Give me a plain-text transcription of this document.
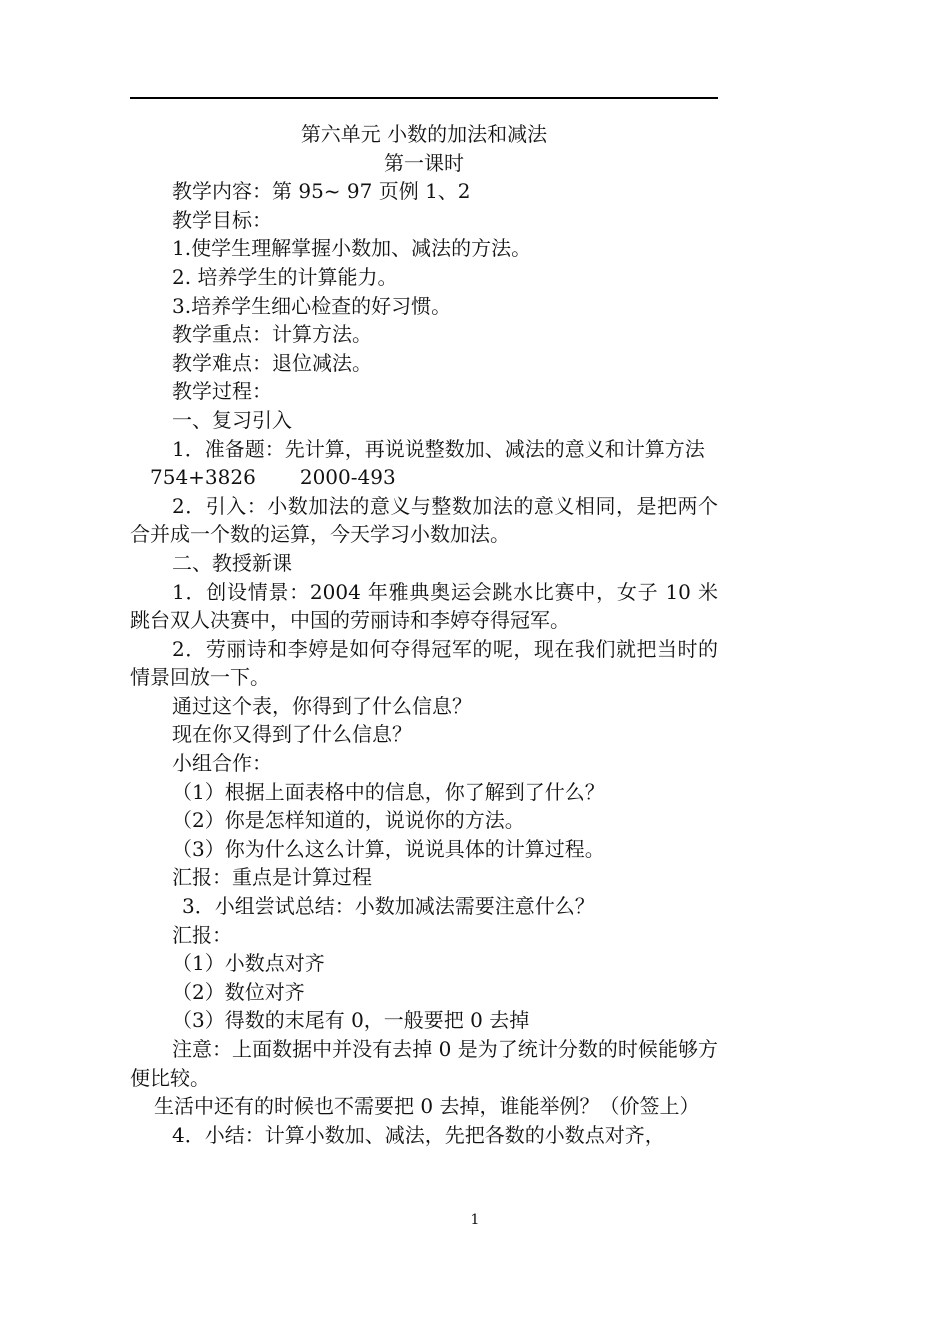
第六单元 小数的加法和减法

第一课时

教学内容：第 95~ 97 页例 1、2

教学目标：

1.使学生理解掌握小数加、减法的方法。

2. 培养学生的计算能力。

3.培养学生细心检查的好习惯。

教学重点：计算方法。

教学难点：退位减法。

教学过程：

一、复习引入

1．准备题：先计算，再说说整数加、减法的意义和计算方法

754+3826 2000-493

2．引入：小数加法的意义与整数加法的意义相同，是把两个合并成一个数的运算，今天学习小数加法。

二、教授新课

1．创设情景：2004 年雅典奥运会跳水比赛中，女子 10 米跳台双人决赛中，中国的劳丽诗和李婷夺得冠军。

2．劳丽诗和李婷是如何夺得冠军的呢，现在我们就把当时的情景回放一下。

通过这个表，你得到了什么信息？

现在你又得到了什么信息？

小组合作：

（1）根据上面表格中的信息，你了解到了什么？

（2）你是怎样知道的，说说你的方法。

（3）你为什么这么计算，说说具体的计算过程。

汇报：重点是计算过程

3．小组尝试总结：小数加减法需要注意什么？

汇报：

（1）小数点对齐

（2）数位对齐

（3）得数的末尾有 0，一般要把 0 去掉

注意：上面数据中并没有去掉 0 是为了统计分数的时候能够方便比较。

生活中还有的时候也不需要把 0 去掉，谁能举例？（价签上）

4．小结：计算小数加、减法，先把各数的小数点对齐，

1
